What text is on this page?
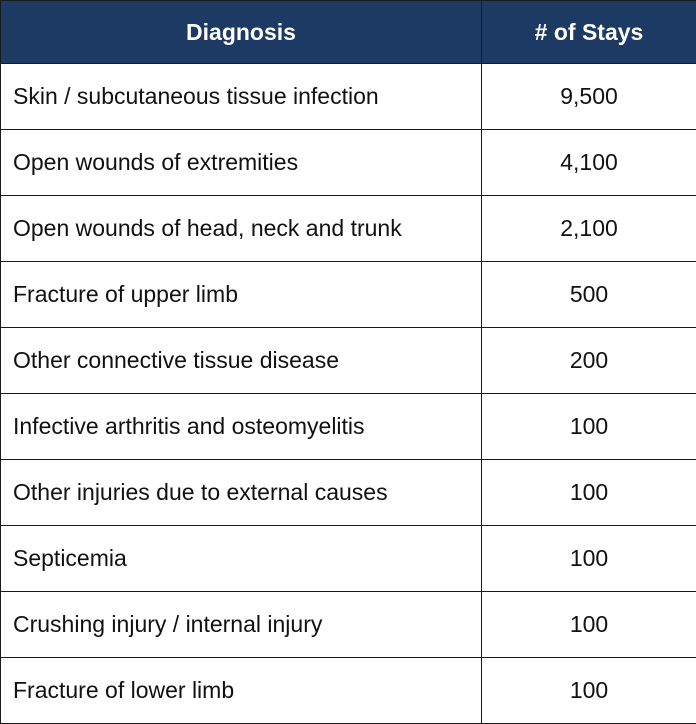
Diagnosis	# of Stays
Skin / subcutaneous tissue infection	9,500
Open wounds of extremities	4,100
Open wounds of head, neck and trunk	2,100
Fracture of upper limb	500
Other connective tissue disease	200
Infective arthritis and osteomyelitis	100
Other injuries due to external causes	100
Septicemia	100
Crushing injury / internal injury	100
Fracture of lower limb	100
